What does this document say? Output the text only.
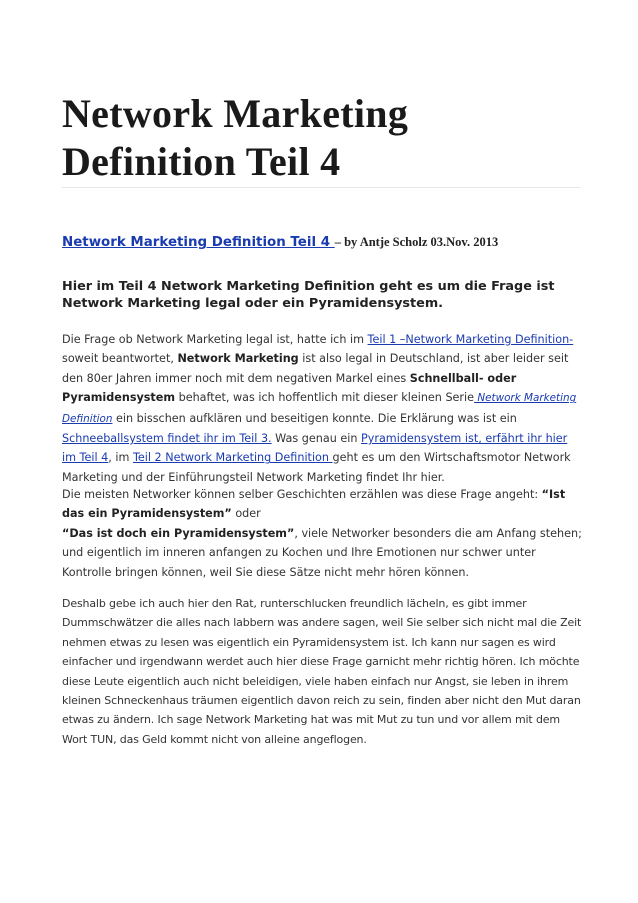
Network Marketing
Definition Teil 4
Network Marketing Definition Teil 4 – by Antje Scholz 03.Nov. 2013

Hier im Teil 4 Network Marketing Definition geht es um die Frage ist Network Marketing legal oder ein Pyramidensystem.

Die Frage ob Network Marketing legal ist, hatte ich im Teil 1 –Network Marketing Definition- soweit beantwortet, Network Marketing ist also legal in Deutschland, ist aber leider seit den 80er Jahren immer noch mit dem negativen Markel eines Schnellball- oder Pyramidensystem behaftet, was ich hoffentlich mit dieser kleinen Serie Network Marketing Definition ein bisschen aufklären und beseitigen konnte. Die Erklärung was ist ein Schneeballsystem findet ihr im Teil 3. Was genau ein Pyramidensystem ist, erfährt ihr hier im Teil 4, im Teil 2 Network Marketing Definition geht es um den Wirtschaftsmotor Network Marketing und der Einführungsteil Network Marketing findet Ihr hier.

Die meisten Networker können selber Geschichten erzählen was diese Frage angeht: “Ist das ein Pyramidensystem” oder
“Das ist doch ein Pyramidensystem”, viele Networker besonders die am Anfang stehen; und eigentlich im inneren anfangen zu Kochen und Ihre Emotionen nur schwer unter Kontrolle bringen können, weil Sie diese Sätze nicht mehr hören können.

Deshalb gebe ich auch hier den Rat, runterschlucken freundlich lächeln, es gibt immer Dummschwätzer die alles nach labbern was andere sagen, weil Sie selber sich nicht mal die Zeit nehmen etwas zu lesen was eigentlich ein Pyramidensystem ist. Ich kann nur sagen es wird einfacher und irgendwann werdet auch hier diese Frage garnicht mehr richtig hören. Ich möchte diese Leute eigentlich auch nicht beleidigen, viele haben einfach nur Angst, sie leben in ihrem kleinen Schneckenhaus träumen eigentlich davon reich zu sein, finden aber nicht den Mut daran etwas zu ändern. Ich sage Network Marketing hat was mit Mut zu tun und vor allem mit dem Wort TUN, das Geld kommt nicht von alleine angeflogen.
